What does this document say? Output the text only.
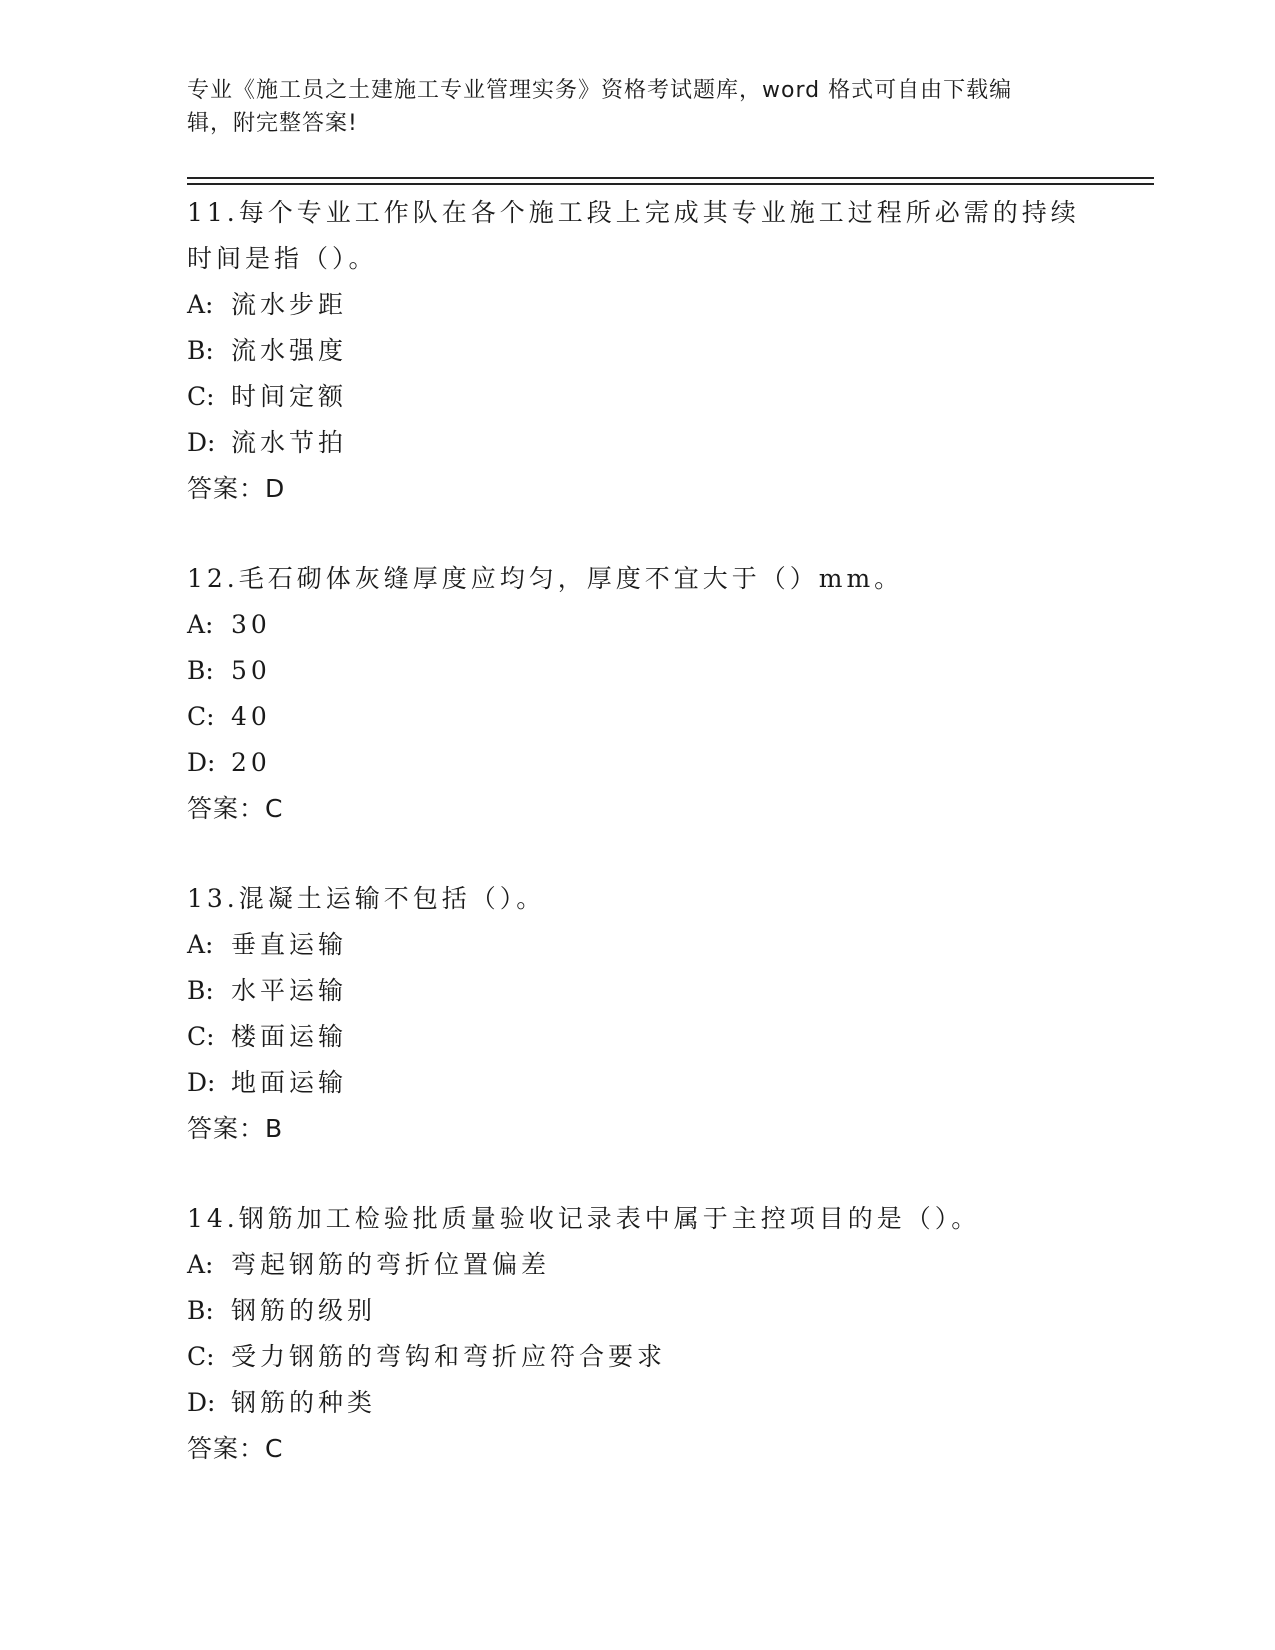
专业《施工员之土建施工专业管理实务》资格考试题库，word 格式可自由下载编
辑，附完整答案!

11.每个专业工作队在各个施工段上完成其专业施工过程所必需的持续
时间是指（）。

A: 流水步距

B: 流水强度

C: 时间定额

D: 流水节拍

答案：D

12.毛石砌体灰缝厚度应均匀，厚度不宜大于（）mm。

A: 30

B: 50

C: 40

D: 20

答案：C

13.混凝土运输不包括（）。

A: 垂直运输

B: 水平运输

C: 楼面运输

D: 地面运输

答案：B

14.钢筋加工检验批质量验收记录表中属于主控项目的是（）。

A: 弯起钢筋的弯折位置偏差

B: 钢筋的级别

C: 受力钢筋的弯钩和弯折应符合要求

D: 钢筋的种类

答案：C
